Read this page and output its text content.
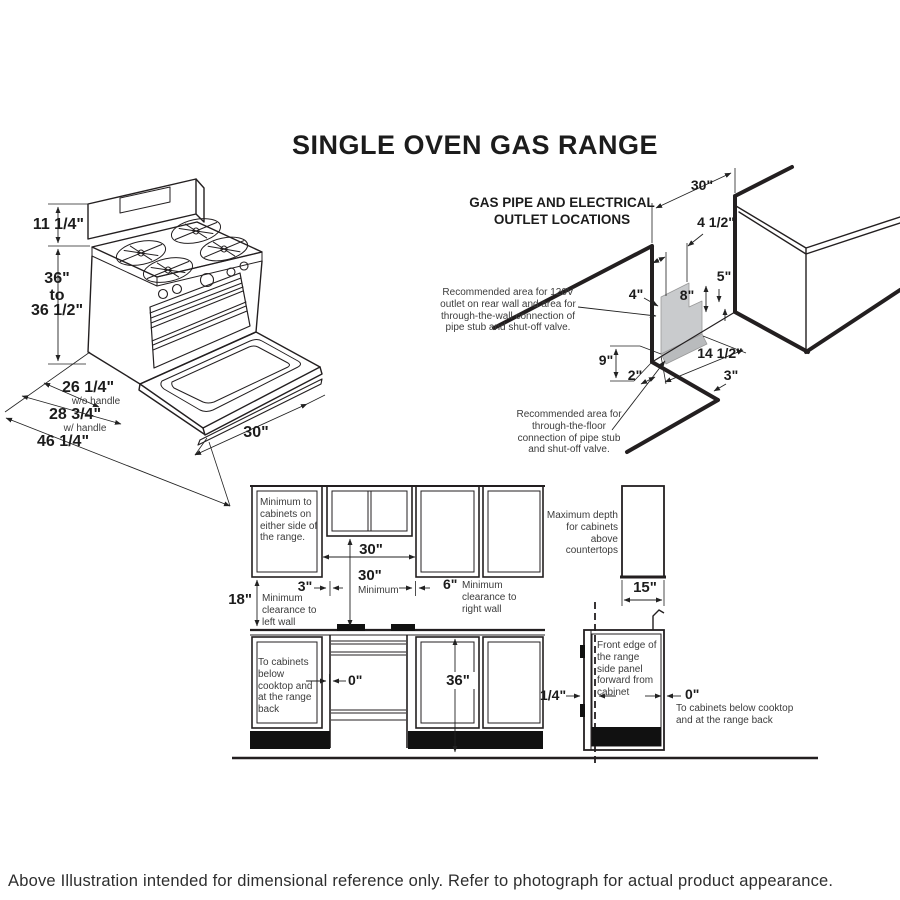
SINGLE OVEN GAS RANGE
11 1/4"
36"
to
36 1/2"
26 1/4"
w/o handle
28 3/4"
w/ handle
46 1/4"
30"
GAS PIPE AND ELECTRICAL OUTLET LOCATIONS
Recommended area for 120V outlet on rear wall and area for through-the-wall connection of pipe stub and shut-off valve.
Recommended area for through-the-floor connection of pipe stub and shut-off valve.
30"
4 1/2"
5"
4"	8"
9"
2"
14 1/2"
3"
Minimum to cabinets on either side of the range.
30"
30"
Minimum
3"
Minimum clearance to left wall
6" Minimum clearance to right wall
18"
To cabinets below cooktop and at the range back
0"	36"
Maximum depth for cabinets above countertops
15"
Front edge of the range side panel forward from cabinet
1/4"	0"
To cabinets below cooktop and at the range back
Above Illustration intended for dimensional reference only. Refer to photograph for actual product appearance.
